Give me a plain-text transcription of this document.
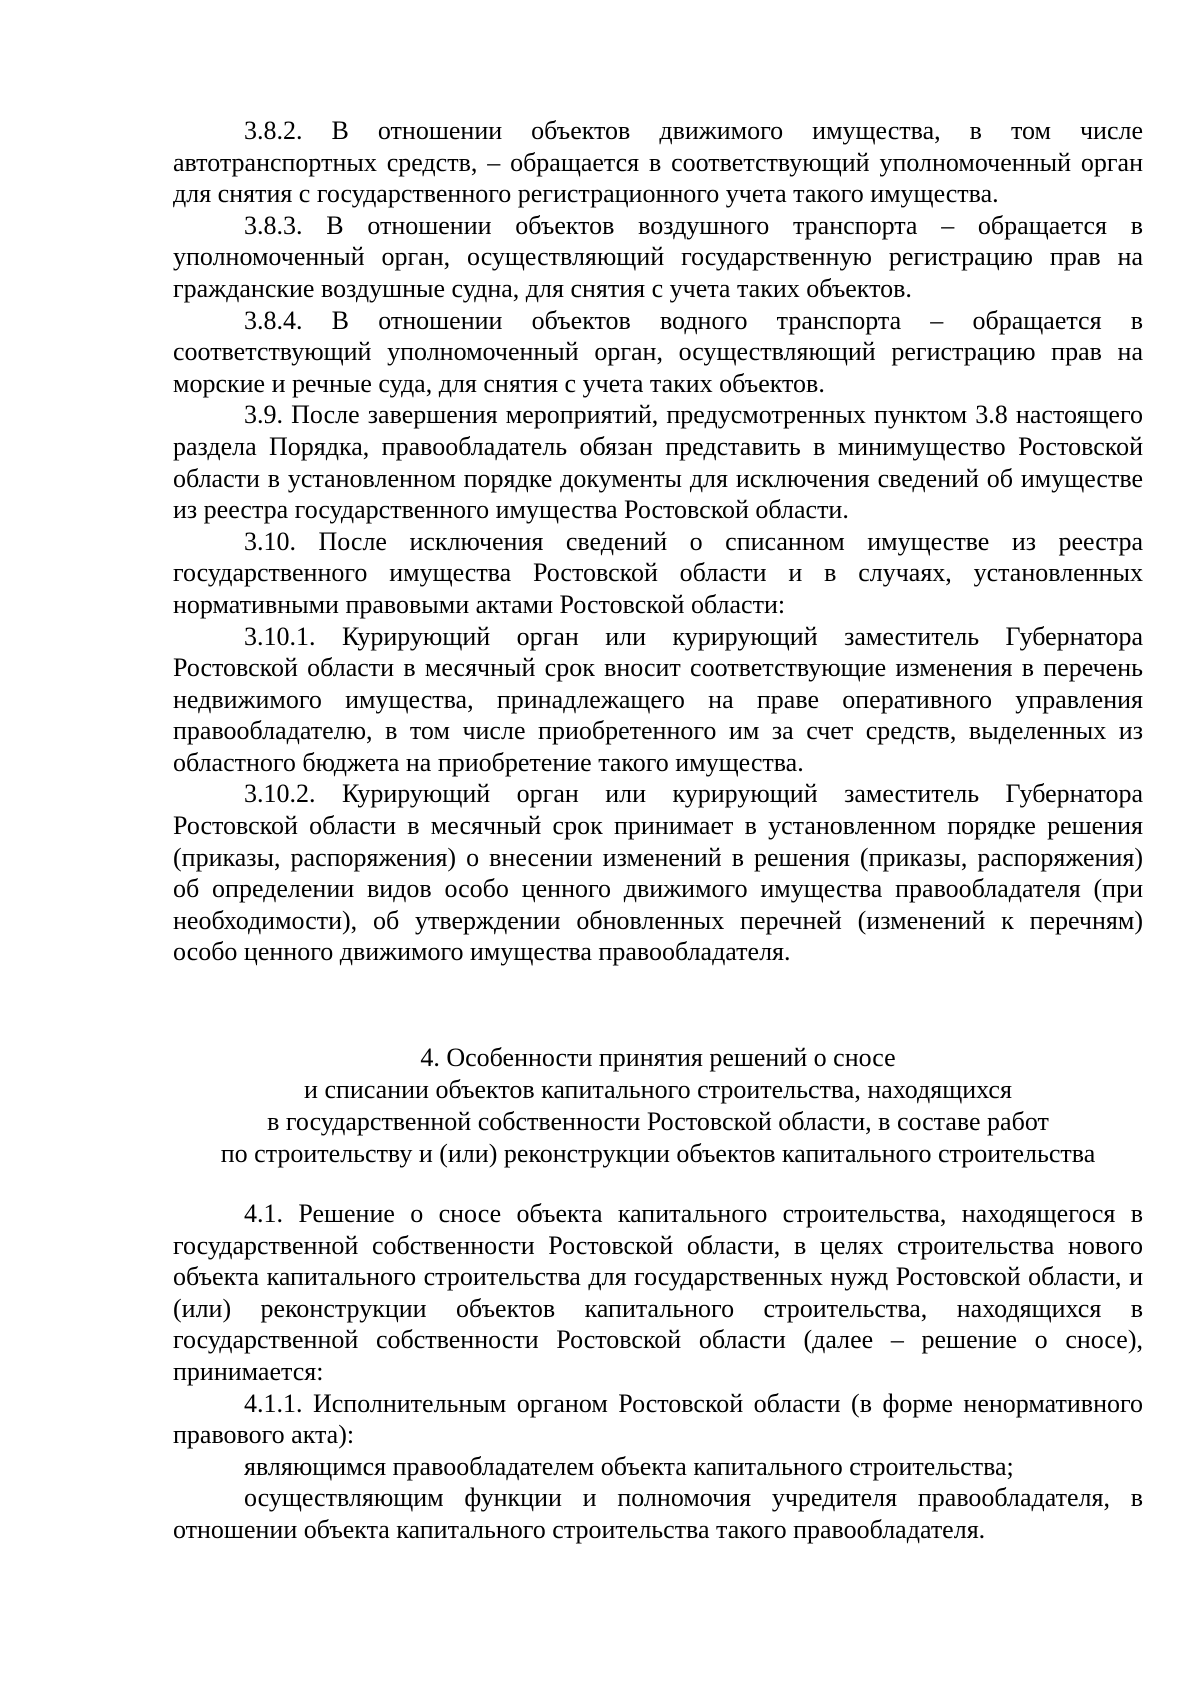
3.8.2. В отношении объектов движимого имущества, в том числе автотранспортных средств, – обращается в соответствующий уполномоченный орган для снятия с государственного регистрационного учета такого имущества.

3.8.3. В отношении объектов воздушного транспорта – обращается в уполномоченный орган, осуществляющий государственную регистрацию прав на гражданские воздушные судна, для снятия с учета таких объектов.

3.8.4. В отношении объектов водного транспорта – обращается в соответствующий уполномоченный орган, осуществляющий регистрацию прав на морские и речные суда, для снятия с учета таких объектов.

3.9. После завершения мероприятий, предусмотренных пунктом 3.8 настоящего раздела Порядка, правообладатель обязан представить в минимущество Ростовской области в установленном порядке документы для исключения сведений об имуществе из реестра государственного имущества Ростовской области.

3.10. После исключения сведений о списанном имуществе из реестра государственного имущества Ростовской области и в случаях, установленных нормативными правовыми актами Ростовской области:

3.10.1. Курирующий орган или курирующий заместитель Губернатора Ростовской области в месячный срок вносит соответствующие изменения в перечень недвижимого имущества, принадлежащего на праве оперативного управления правообладателю, в том числе приобретенного им за счет средств, выделенных из областного бюджета на приобретение такого имущества.

3.10.2. Курирующий орган или курирующий заместитель Губернатора Ростовской области в месячный срок принимает в установленном порядке решения (приказы, распоряжения) о внесении изменений в решения (приказы, распоряжения) об определении видов особо ценного движимого имущества правообладателя (при необходимости), об утверждении обновленных перечней (изменений к перечням) особо ценного движимого имущества правообладателя.

4. Особенности принятия решений о сносе
и списании объектов капитального строительства, находящихся
в государственной собственности Ростовской области, в составе работ
по строительству и (или) реконструкции объектов капитального строительства

4.1. Решение о сносе объекта капитального строительства, находящегося в государственной собственности Ростовской области, в целях строительства нового объекта капитального строительства для государственных нужд Ростовской области, и (или) реконструкции объектов капитального строительства, находящихся в государственной собственности Ростовской области (далее – решение о сносе), принимается:

4.1.1. Исполнительным органом Ростовской области (в форме ненормативного правового акта):

являющимся правообладателем объекта капитального строительства;

осуществляющим функции и полномочия учредителя правообладателя, в отношении объекта капитального строительства такого правообладателя.
